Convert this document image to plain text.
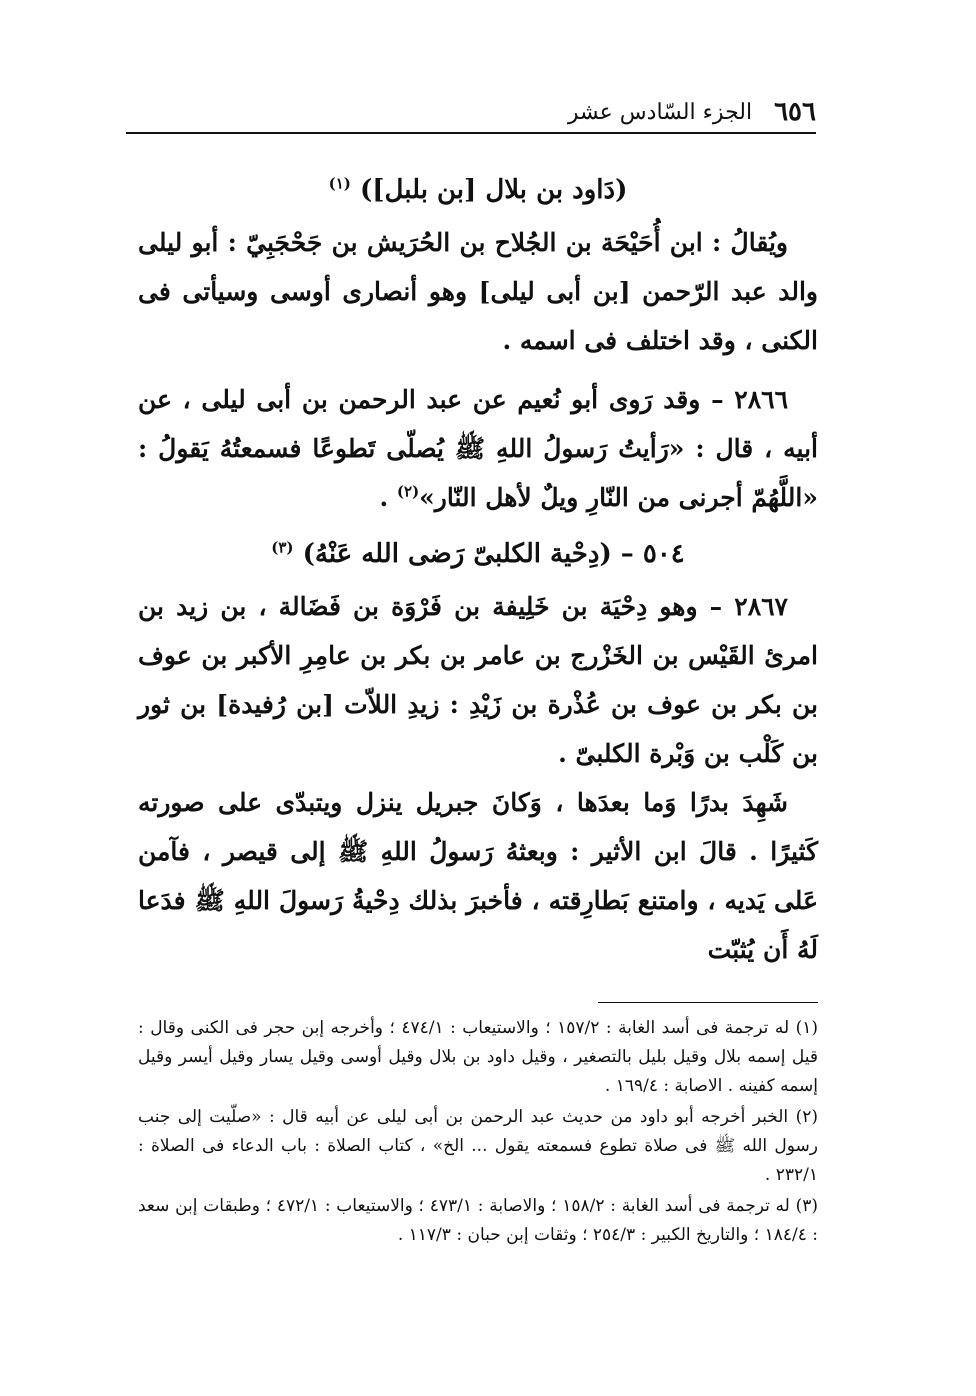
٦٥٦
الجزء السّادس عشر

(دَاود بن بلال [بن بلبل]) $^{(١)}$

ويُقالُ : ابن أُحَيْحَة بن الجُلاح بن الحُرَيش بن جَحْجَبِيّ : أبو ليلى والد عبد الرّحمن [بن أبى ليلى] وهو أنصارى أوسى وسيأتى فى الكنى ، وقد اختلف فى اسمه .

٢٨٦٦ – وقد رَوى أبو نُعيم عن عبد الرحمن بن أبى ليلى ، عن أبيه ، قال : «رَأيتُ رَسولُ اللهِ ﷺ يُصلّى تَطوعًا فسمعتُهُ يَقولُ : «اللَّهُمّ أجرنى من النّارِ ويلٌ لأهل النّار»$^{(٢)}$ .

٥٠٤ – (دِحْية الكلبىّ رَضى الله عَنْهُ) $^{(٣)}$

٢٨٦٧ – وهو دِحْيَة بن خَلِيفة بن فَرْوَة بن فَضَالة ، بن زيد بن امرئ القَيْس بن الخَزْرج بن عامر بن بكر بن عامِرِ الأكبر بن عوف بن بكر بن عوف بن عُذْرة بن زَيْدِ : زيدِ اللاّت [بن رُفيدة] بن ثور بن كَلْب بن وَبْرة الكلبىّ .

شَهِدَ بدرًا وَما بعدَها ، وَكانَ جبريل ينزل ويتبدّى على صورته كَثيرًا . قالَ ابن الأثير : وبعثهُ رَسولُ اللهِ ﷺ إلى قيصر ، فآمن عَلى يَديه ، وامتنع بَطارِقته ، فأخبرَ بذلك دِحْيةُ رَسولَ اللهِ ﷺ فدَعا لَهُ أَن يُثبّت

(١) له ترجمة فى أسد الغابة : ١٥٧/٢ ؛ والاستيعاب : ٤٧٤/١ ؛ وأخرجه إبن حجر فى الكنى وقال : قيل إسمه بلال وقيل بليل بالتصغير ، وقيل داود بن بلال وقيل أوسى وقيل يسار وقيل أيسر وقيل إسمه كفينه . الاصابة : ١٦٩/٤ .

(٢) الخبر أخرجه أبو داود من حديث عبد الرحمن بن أبى ليلى عن أبيه قال : «صلّيت إلى جنب رسول الله ﷺ فى صلاة تطوع فسمعته يقول ... الخ» ، كتاب الصلاة : باب الدعاء فى الصلاة : ٢٣٢/١ .

(٣) له ترجمة فى أسد الغابة : ١٥٨/٢ ؛ والاصابة : ٤٧٣/١ ؛ والاستيعاب : ٤٧٢/١ ؛ وطبقات إبن سعد : ١٨٤/٤ ؛ والتاريخ الكبير : ٢٥٤/٣ ؛ وثقات إبن حبان : ١١٧/٣ .
